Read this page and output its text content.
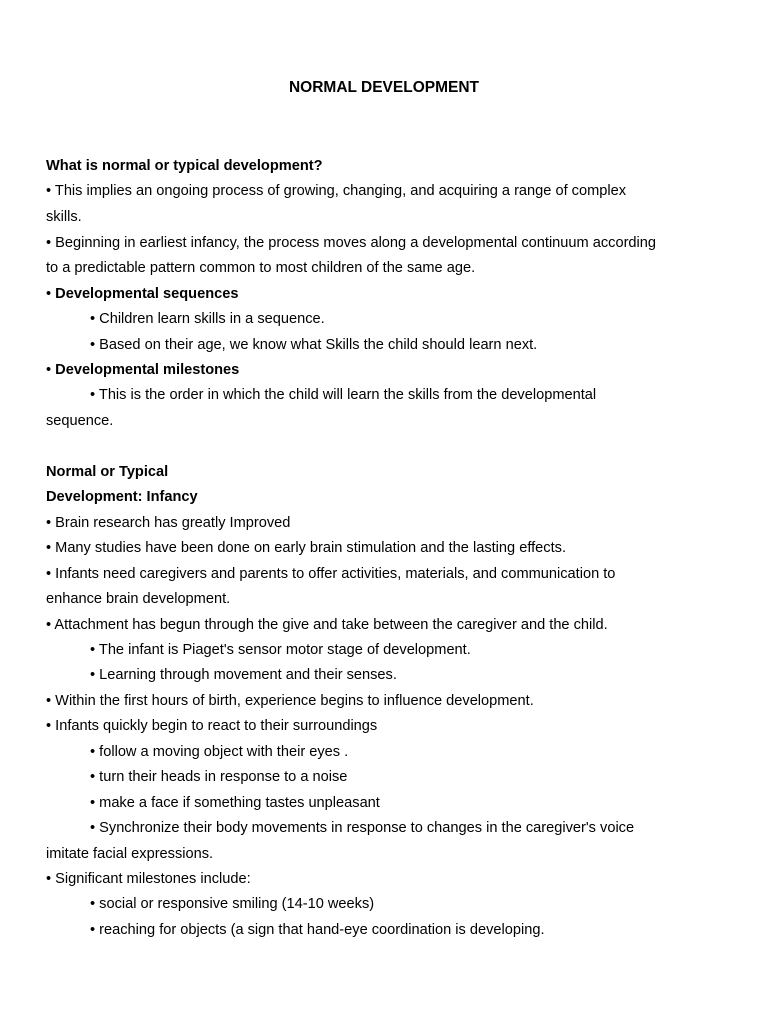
NORMAL DEVELOPMENT
What is normal or typical development?
• This implies an ongoing process of growing, changing, and acquiring a range of complex
skills.
• Beginning in earliest infancy, the process moves along a developmental continuum according
to a predictable pattern common to most children of the same age.
• Developmental sequences
• Children learn skills in a sequence.
• Based on their age, we know what Skills the child should learn next.
• Developmental milestones
• This is the order in which the child will learn the skills from the developmental
sequence.
Normal or Typical
Development: Infancy
• Brain research has greatly Improved
• Many studies have been done on early brain stimulation and the lasting effects.
• Infants need caregivers and parents to offer activities, materials, and communication to
enhance brain development.
• Attachment has begun through the give and take between the caregiver and the child.
• The infant is Piaget's sensor motor stage of development.
• Learning through movement and their senses.
• Within the first hours of birth, experience begins to influence development.
• Infants quickly begin to react to their surroundings
• follow a moving object with their eyes .
• turn their heads in response to a noise
• make a face if something tastes unpleasant
• Synchronize their body movements in response to changes in the caregiver's voice
imitate facial expressions.
• Significant milestones include:
• social or responsive smiling (14-10 weeks)
• reaching for objects (a sign that hand-eye coordination is developing.
